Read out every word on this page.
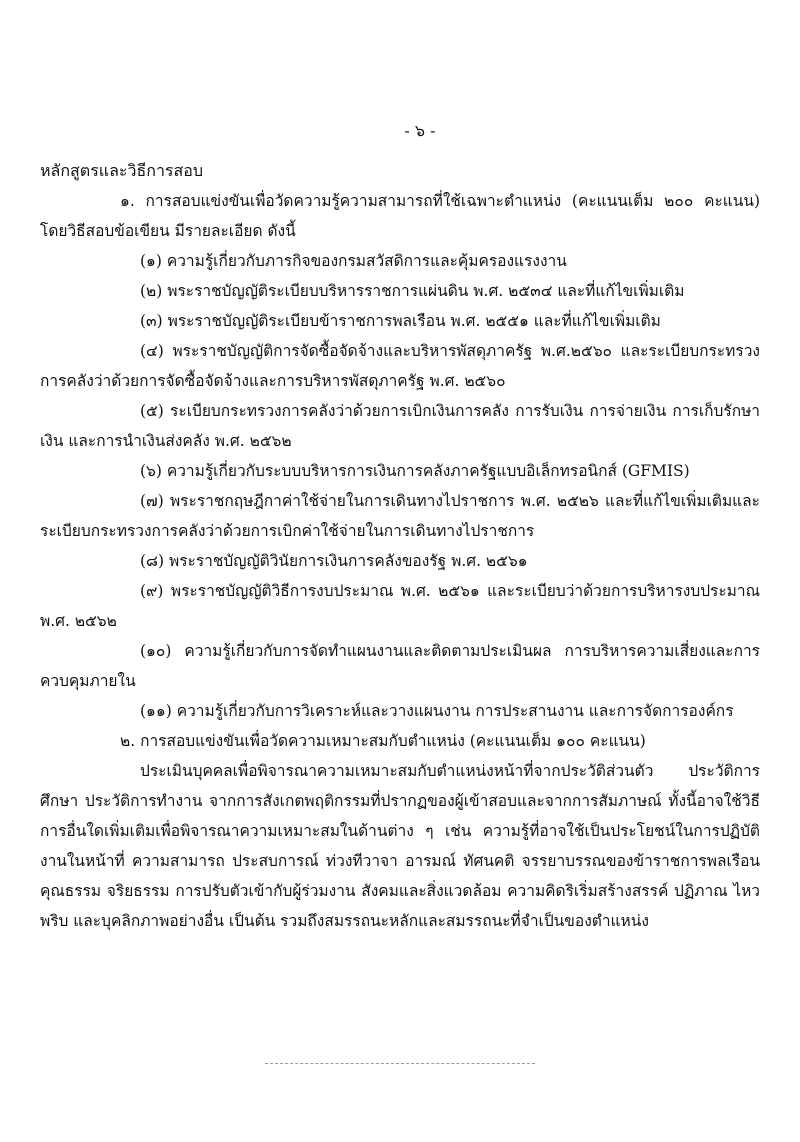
- ๖ -

หลักสูตรและวิธีการสอบ

๑. การสอบแข่งขันเพื่อวัดความรู้ความสามารถที่ใช้เฉพาะตำแหน่ง (คะแนนเต็ม ๒๐๐ คะแนน) โดยวิธีสอบข้อเขียน มีรายละเอียด ดังนี้

(๑) ความรู้เกี่ยวกับภารกิจของกรมสวัสดิการและคุ้มครองแรงงาน

(๒) พระราชบัญญัติระเบียบบริหารราชการแผ่นดิน พ.ศ. ๒๕๓๔ และที่แก้ไขเพิ่มเติม

(๓) พระราชบัญญัติระเบียบข้าราชการพลเรือน พ.ศ. ๒๕๕๑ และที่แก้ไขเพิ่มเติม

(๔) พระราชบัญญัติการจัดซื้อจัดจ้างและบริหารพัสดุภาครัฐ พ.ศ.๒๕๖๐ และระเบียบกระทรวงการคลังว่าด้วยการจัดซื้อจัดจ้างและการบริหารพัสดุภาครัฐ พ.ศ. ๒๕๖๐

(๕) ระเบียบกระทรวงการคลังว่าด้วยการเบิกเงินการคลัง การรับเงิน การจ่ายเงิน การเก็บรักษาเงิน และการนำเงินส่งคลัง พ.ศ. ๒๕๖๒

(๖) ความรู้เกี่ยวกับระบบบริหารการเงินการคลังภาครัฐแบบอิเล็กทรอนิกส์ (GFMIS)

(๗) พระราชกฤษฎีกาค่าใช้จ่ายในการเดินทางไปราชการ พ.ศ. ๒๕๒๖ และที่แก้ไขเพิ่มเติมและระเบียบกระทรวงการคลังว่าด้วยการเบิกค่าใช้จ่ายในการเดินทางไปราชการ

(๘) พระราชบัญญัติวินัยการเงินการคลังของรัฐ พ.ศ. ๒๕๖๑

(๙) พระราชบัญญัติวิธีการงบประมาณ พ.ศ. ๒๕๖๑ และระเบียบว่าด้วยการบริหารงบประมาณ พ.ศ. ๒๕๖๒

(๑๐) ความรู้เกี่ยวกับการจัดทำแผนงานและติดตามประเมินผล การบริหารความเสี่ยงและการควบคุมภายใน

(๑๑) ความรู้เกี่ยวกับการวิเคราะห์และวางแผนงาน การประสานงาน และการจัดการองค์กร

๒. การสอบแข่งขันเพื่อวัดความเหมาะสมกับตำแหน่ง (คะแนนเต็ม ๑๐๐ คะแนน)

ประเมินบุคคลเพื่อพิจารณาความเหมาะสมกับตำแหน่งหน้าที่จากประวัติส่วนตัว ประวัติการศึกษา ประวัติการทำงาน จากการสังเกตพฤติกรรมที่ปรากฏของผู้เข้าสอบและจากการสัมภาษณ์ ทั้งนี้อาจใช้วิธีการอื่นใดเพิ่มเติมเพื่อพิจารณาความเหมาะสมในด้านต่าง ๆ เช่น ความรู้ที่อาจใช้เป็นประโยชน์ในการปฏิบัติงานในหน้าที่ ความสามารถ ประสบการณ์ ท่วงทีวาจา อารมณ์ ทัศนคติ จรรยาบรรณของข้าราชการพลเรือน คุณธรรม จริยธรรม การปรับตัวเข้ากับผู้ร่วมงาน สังคมและสิ่งแวดล้อม ความคิดริเริ่มสร้างสรรค์ ปฏิภาณ ไหวพริบ และบุคลิกภาพอย่างอื่น เป็นต้น รวมถึงสมรรถนะหลักและสมรรถนะที่จำเป็นของตำแหน่ง
